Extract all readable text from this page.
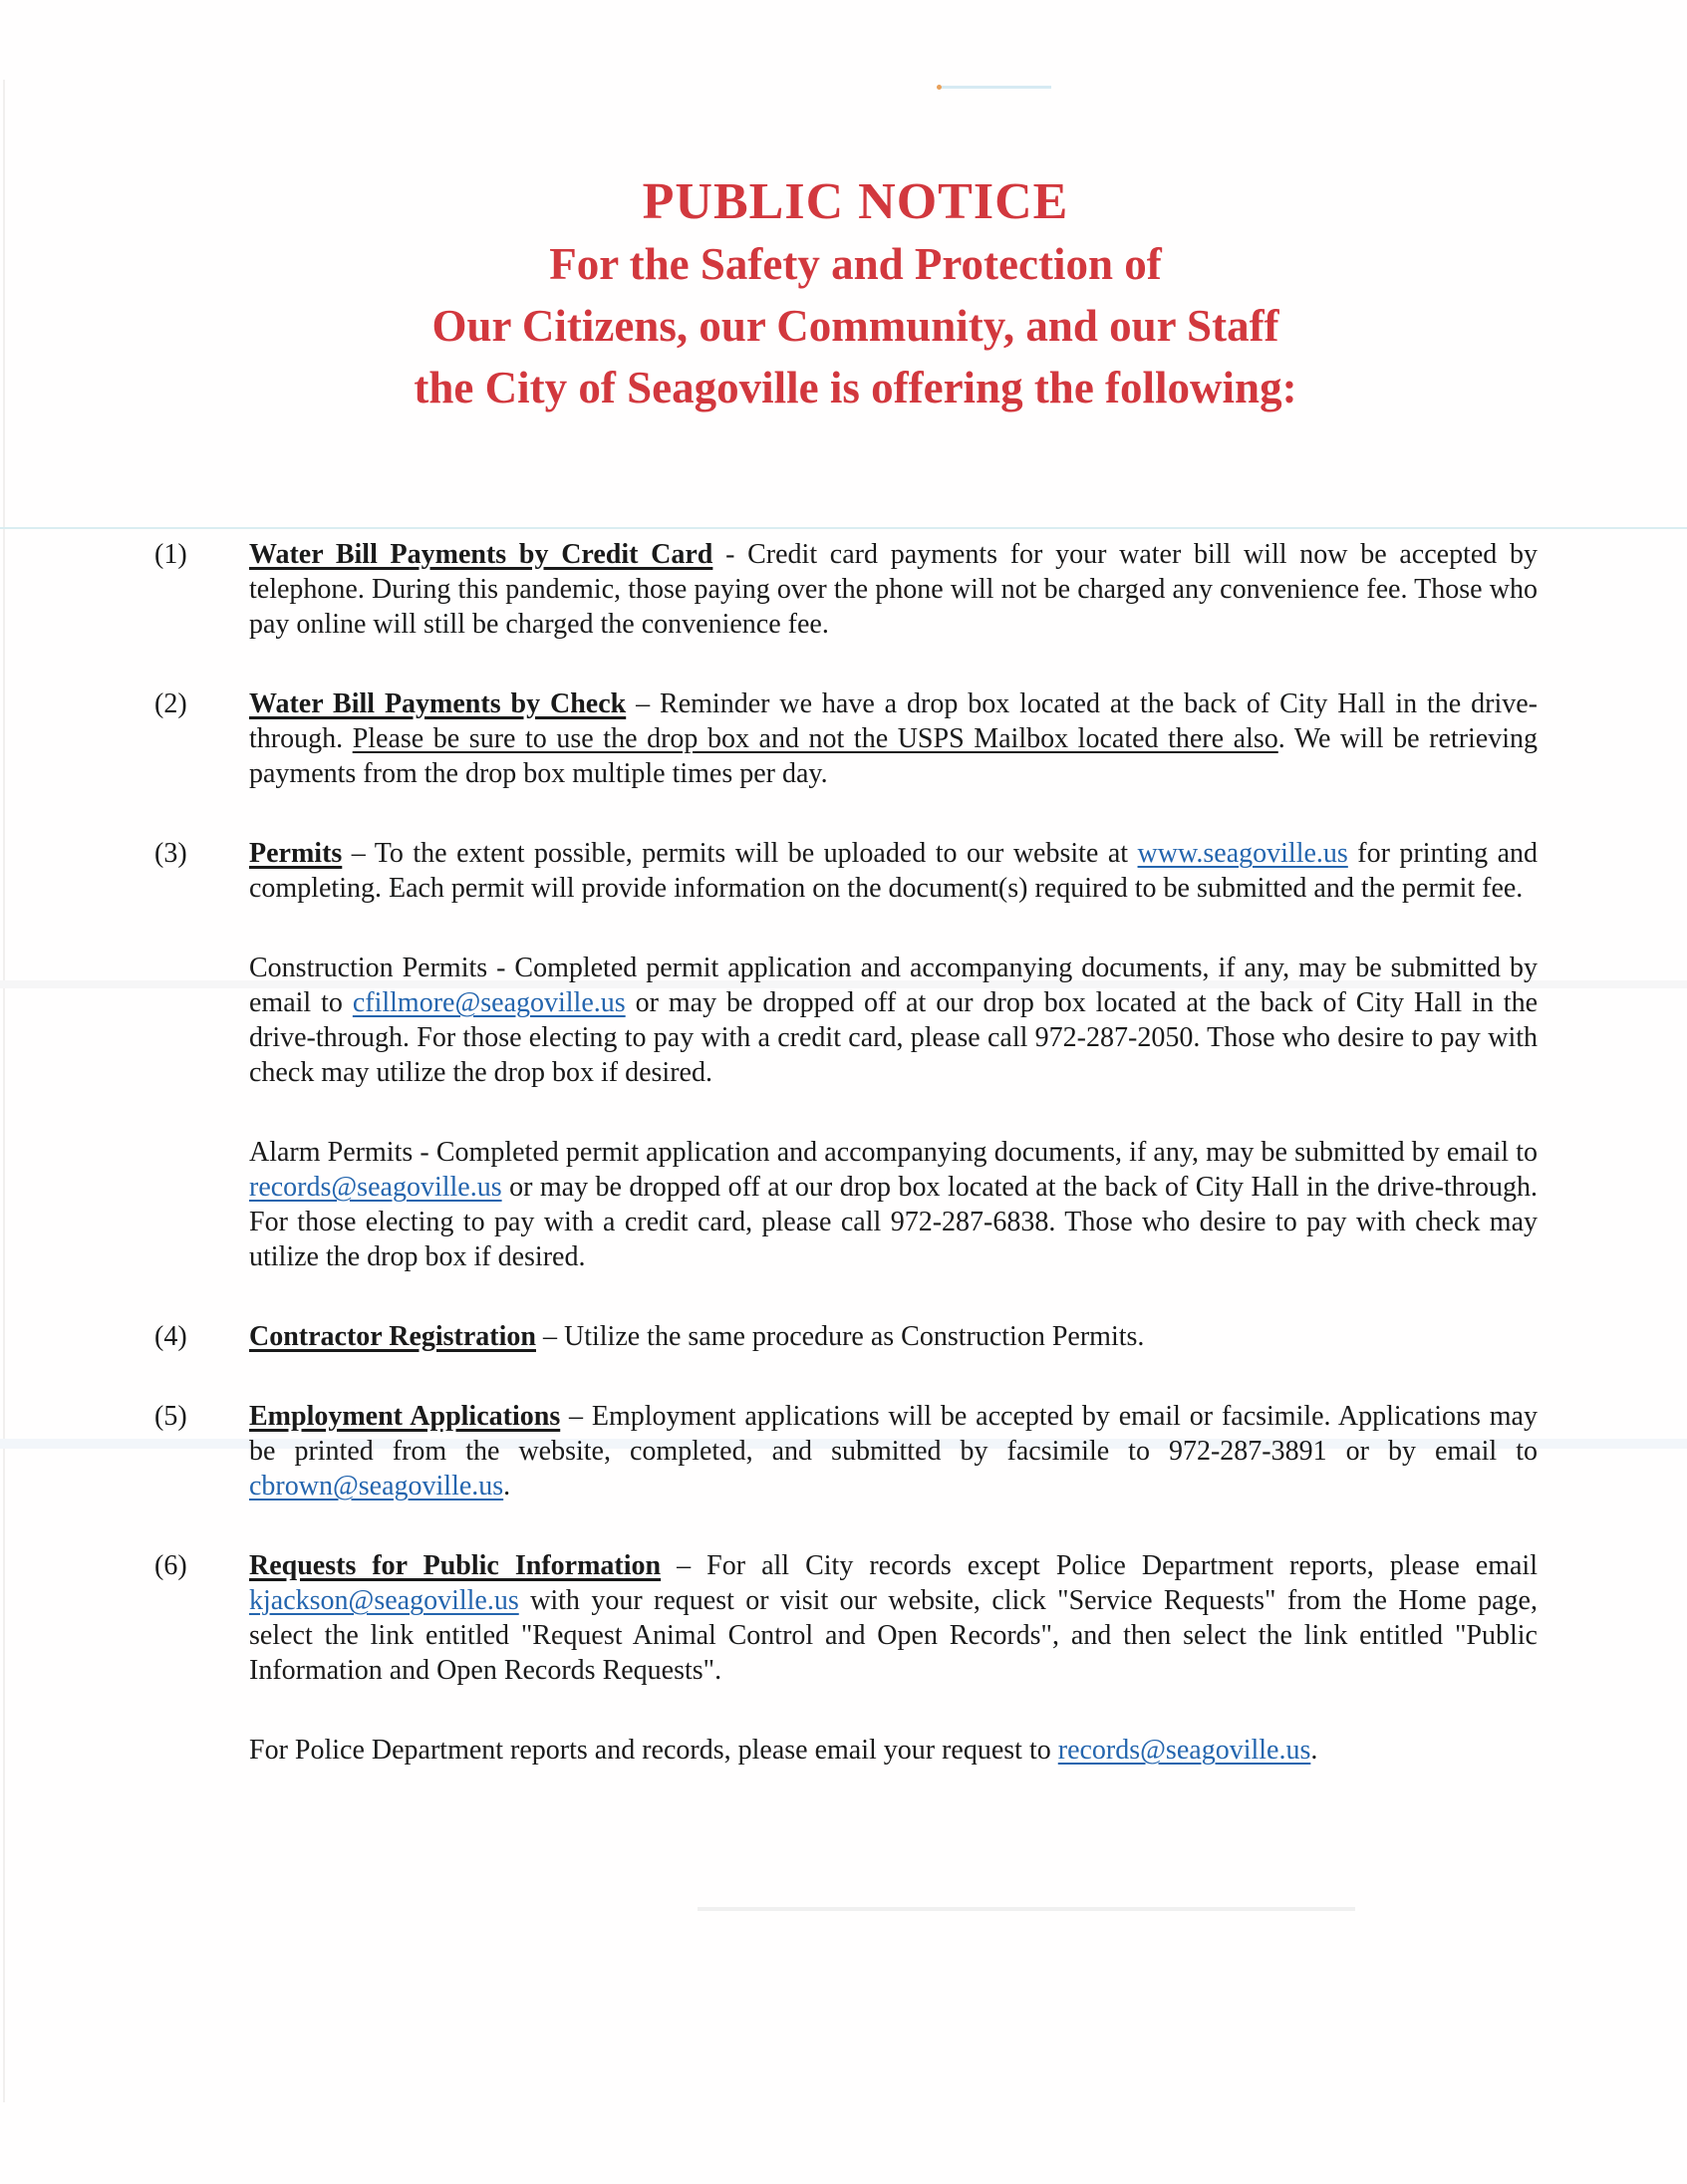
PUBLIC NOTICE
For the Safety and Protection of
Our Citizens, our Community, and our Staff
the City of Seagoville is offering the following:
(1)	Water Bill Payments by Credit Card - Credit card payments for your water bill will now be accepted by telephone. During this pandemic, those paying over the phone will not be charged any convenience fee. Those who pay online will still be charged the convenience fee.

(2)	Water Bill Payments by Check – Reminder we have a drop box located at the back of City Hall in the drive-through. Please be sure to use the drop box and not the USPS Mailbox located there also. We will be retrieving payments from the drop box multiple times per day.

(3)	Permits – To the extent possible, permits will be uploaded to our website at www.seagoville.us for printing and completing. Each permit will provide information on the document(s) required to be submitted and the permit fee.

Construction Permits - Completed permit application and accompanying documents, if any, may be submitted by email to cfillmore@seagoville.us or may be dropped off at our drop box located at the back of City Hall in the drive-through. For those electing to pay with a credit card, please call 972-287-2050. Those who desire to pay with check may utilize the drop box if desired.

Alarm Permits - Completed permit application and accompanying documents, if any, may be submitted by email to records@seagoville.us or may be dropped off at our drop box located at the back of City Hall in the drive-through. For those electing to pay with a credit card, please call 972-287-6838. Those who desire to pay with check may utilize the drop box if desired.

(4)	Contractor Registration – Utilize the same procedure as Construction Permits.

(5)	Employment Applications – Employment applications will be accepted by email or facsimile. Applications may be printed from the website, completed, and submitted by facsimile to 972-287-3891 or by email to cbrown@seagoville.us.

(6)	Requests for Public Information – For all City records except Police Department reports, please email kjackson@seagoville.us with your request or visit our website, click "Service Requests" from the Home page, select the link entitled "Request Animal Control and Open Records", and then select the link entitled "Public Information and Open Records Requests".

For Police Department reports and records, please email your request to records@seagoville.us.
